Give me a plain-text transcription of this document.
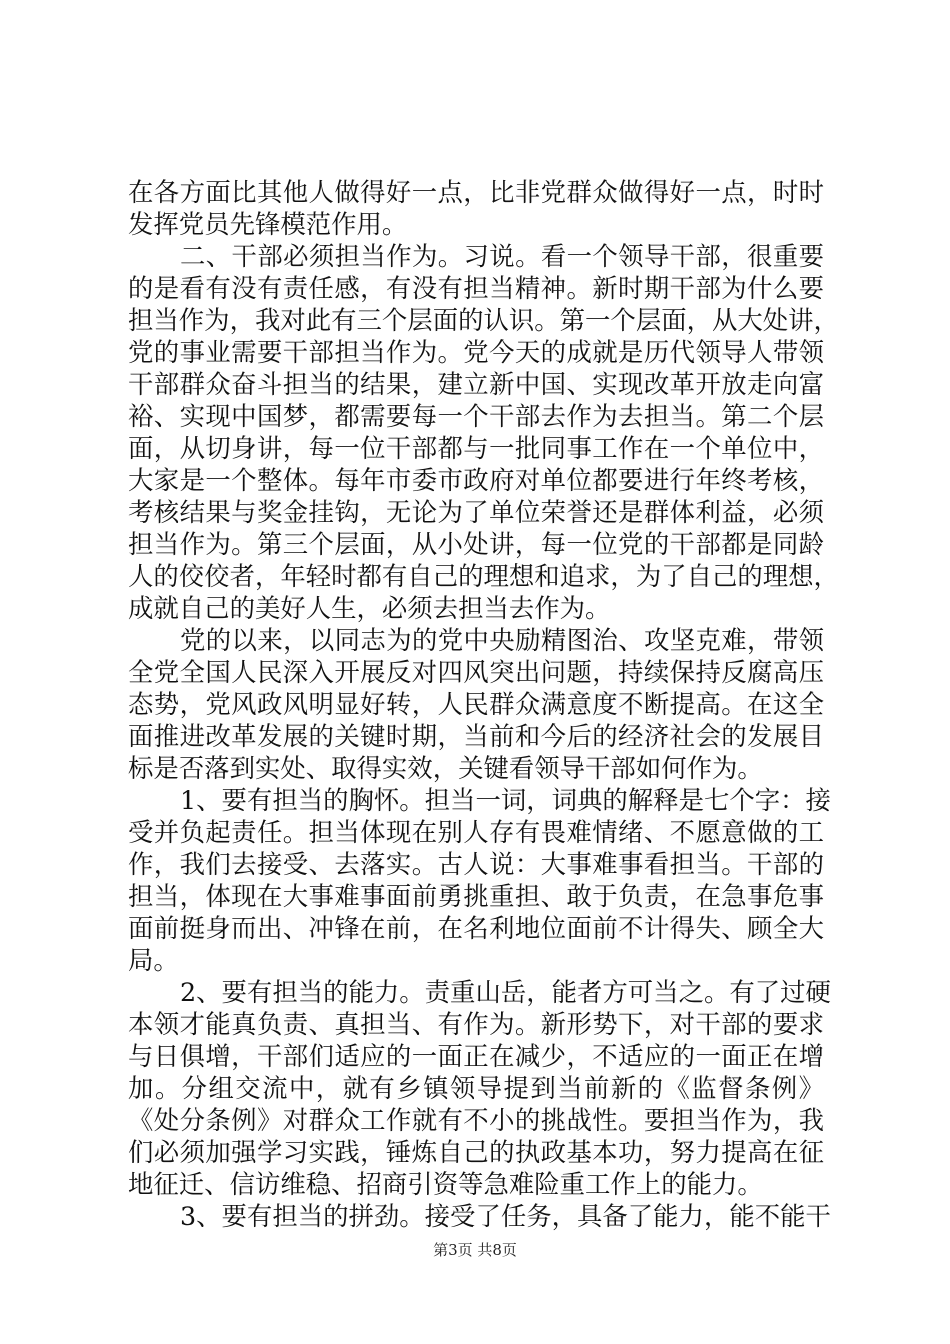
在各方面比其他人做得好一点，比非党群众做得好一点，时时
发挥党员先锋模范作用。
二、干部必须担当作为。习说。看一个领导干部，很重要
的是看有没有责任感，有没有担当精神。新时期干部为什么要
担当作为，我对此有三个层面的认识。第一个层面，从大处讲，
党的事业需要干部担当作为。党今天的成就是历代领导人带领
干部群众奋斗担当的结果，建立新中国、实现改革开放走向富
裕、实现中国梦，都需要每一个干部去作为去担当。第二个层
面，从切身讲，每一位干部都与一批同事工作在一个单位中，
大家是一个整体。每年市委市政府对单位都要进行年终考核，
考核结果与奖金挂钩，无论为了单位荣誉还是群体利益，必须
担当作为。第三个层面，从小处讲，每一位党的干部都是同龄
人的佼佼者，年轻时都有自己的理想和追求，为了自己的理想，
成就自己的美好人生，必须去担当去作为。
党的以来，以同志为的党中央励精图治、攻坚克难，带领
全党全国人民深入开展反对四风突出问题，持续保持反腐高压
态势，党风政风明显好转，人民群众满意度不断提高。在这全
面推进改革发展的关键时期，当前和今后的经济社会的发展目
标是否落到实处、取得实效，关键看领导干部如何作为。
1、要有担当的胸怀。担当一词，词典的解释是七个字：接
受并负起责任。担当体现在别人存有畏难情绪、不愿意做的工
作，我们去接受、去落实。古人说：大事难事看担当。干部的
担当，体现在大事难事面前勇挑重担、敢于负责，在急事危事
面前挺身而出、冲锋在前，在名利地位面前不计得失、顾全大
局。
2、要有担当的能力。责重山岳，能者方可当之。有了过硬
本领才能真负责、真担当、有作为。新形势下，对干部的要求
与日俱增，干部们适应的一面正在减少，不适应的一面正在增
加。分组交流中，就有乡镇领导提到当前新的《监督条例》
《处分条例》对群众工作就有不小的挑战性。要担当作为，我
们必须加强学习实践，锤炼自己的执政基本功，努力提高在征
地征迁、信访维稳、招商引资等急难险重工作上的能力。
3、要有担当的拼劲。接受了任务，具备了能力，能不能干
第3页 共8页
